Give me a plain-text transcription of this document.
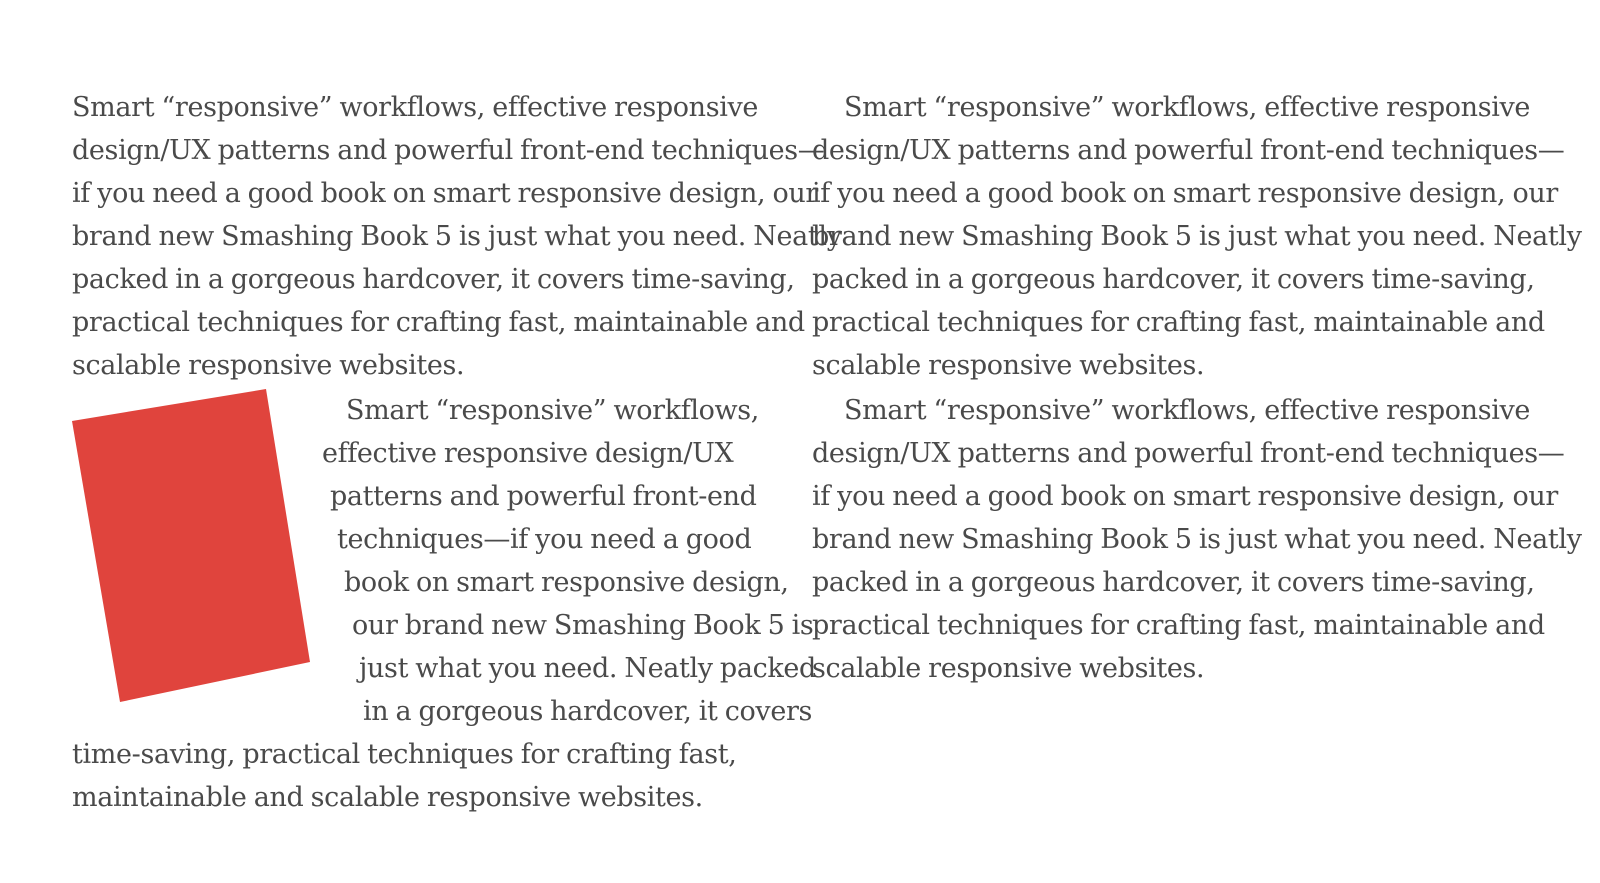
Smart “responsive” workflows, effective responsive
design/UX patterns and powerful front-end techniques—
if you need a good book on smart responsive design, our
brand new Smashing Book 5 is just what you need. Neatly
packed in a gorgeous hardcover, it covers time-saving,
practical techniques for crafting fast, maintainable and
scalable responsive websites.

Smart “responsive” workflows,
effective responsive design/UX
patterns and powerful front-end
techniques—if you need a good
book on smart responsive design,
our brand new Smashing Book 5 is
just what you need. Neatly packed
in a gorgeous hardcover, it covers
time-saving, practical techniques for crafting fast,
maintainable and scalable responsive websites.

Smart “responsive” workflows, effective responsive
design/UX patterns and powerful front-end techniques—
if you need a good book on smart responsive design, our
brand new Smashing Book 5 is just what you need. Neatly
packed in a gorgeous hardcover, it covers time-saving,
practical techniques for crafting fast, maintainable and
scalable responsive websites.

Smart “responsive” workflows, effective responsive
design/UX patterns and powerful front-end techniques—
if you need a good book on smart responsive design, our
brand new Smashing Book 5 is just what you need. Neatly
packed in a gorgeous hardcover, it covers time-saving,
practical techniques for crafting fast, maintainable and
scalable responsive websites.
